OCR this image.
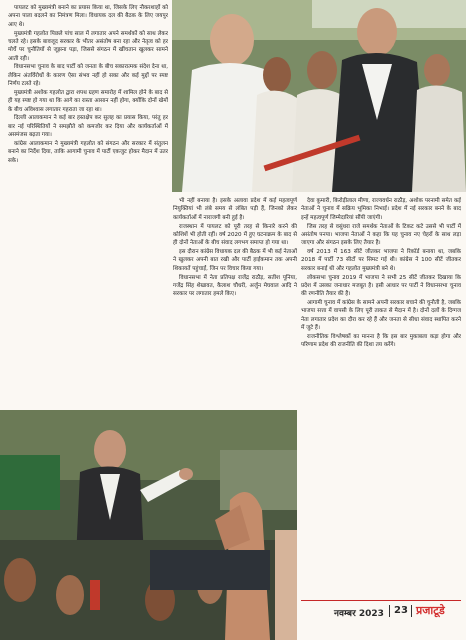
पायलट को मुख्यमंत्री बनाने का प्रयास किया था, जिसके लिए नौकरशाहों को अपना पाला बदलने का निमंत्रण मिला। विधायक दल की बैठक के लिए जयपुर आए थे।

मुख्यमंत्री गहलोत पिछले पांच साल में लगातार अपने समर्थकों को साथ लेकर चलते रहे। इसके बावजूद सरकार के भीतर असंतोष बना रहा और नेतृत्व को हर मोर्चे पर चुनौतियों से जूझना पड़ा, जिससे संगठन में खींचतान खुलकर सामने आती रही।

विधानसभा चुनाव के बाद पार्टी को जनता के बीच सकारात्मक संदेश देना था, लेकिन अंतर्विरोधों के कारण ऐसा संभव नहीं हो सका और कई मुद्दों पर स्पष्ट निर्णय टलते रहे।

मुख्यमंत्री अशोक गहलोत द्वारा शपथ ग्रहण समारोह में शामिल होने के बाद से ही यह स्पष्ट हो गया था कि आगे का रास्ता आसान नहीं होगा, क्योंकि दोनों खेमों के बीच अविश्वास लगातार गहराता जा रहा था।

दिल्ली आलाकमान ने कई बार हस्तक्षेप कर सुलह का प्रयास किया, परंतु हर बार नई परिस्थितियों ने समझौते को कमजोर कर दिया और कार्यकर्ताओं में असमंजस बढ़ता गया।

कांग्रेस आलाकमान ने मुख्यमंत्री गहलोत को संगठन और सरकार में संतुलन बनाने का निर्देश दिया, ताकि आगामी चुनाव में पार्टी एकजुट होकर मैदान में उतर सके।

भी नहीं बनाया है। इसके अलावा प्रदेश में कई महत्वपूर्ण नियुक्तियां भी लंबे समय से लंबित पड़ी हैं, जिनको लेकर कार्यकर्ताओं में नाराजगी बनी हुई है।

राजस्थान में पायलट को पूरी तरह से किनारे करने की कोशिशें भी होती रहीं। वर्ष 2020 में हुए घटनाक्रम के बाद से ही दोनों नेताओं के बीच संवाद लगभग समाप्त हो गया था।

इस दौरान कांग्रेस विधायक दल की बैठक में भी कई नेताओं ने खुलकर अपनी बात रखी और पार्टी हाईकमान तक अपनी शिकायतें पहुंचाईं, जिन पर विचार किया गया।

विधानसभा में नेता प्रतिपक्ष राजेंद्र राठौड़, सतीश पूनिया, गजेंद्र सिंह शेखावत, कैलाश चौधरी, अर्जुन मेघवाल आदि ने सरकार पर लगातार हमले किए।

देवा कुमारी, किरोड़ीलाल मीणा, राज्यवर्धन राठौड़, अशोक परनामी समेत कई नेताओं ने चुनाव में सक्रिय भूमिका निभाई। प्रदेश में नई सरकार बनने के बाद इन्हें महत्वपूर्ण जिम्मेदारियां सौंपी जाएंगी।

जिस तरह से वसुंधरा राजे समर्थक नेताओं के टिकट कटे उससे भी पार्टी में असंतोष पनपा। भाजपा नेताओं ने कहा कि यह चुनाव नए चेहरों के साथ लड़ा जाएगा और संगठन इसके लिए तैयार है।

वर्ष 2013 में 163 सीटें जीतकर भाजपा ने रिकॉर्ड बनाया था, जबकि 2018 में पार्टी 73 सीटों पर सिमट गई थी। कांग्रेस ने 100 सीटें जीतकर सरकार बनाई थी और गहलोत मुख्यमंत्री बने थे।

लोकसभा चुनाव 2019 में भाजपा ने सभी 25 सीटें जीतकर दिखाया कि प्रदेश में उसका जनाधार मजबूत है। इसी आधार पर पार्टी ने विधानसभा चुनाव की रणनीति तैयार की है।

आगामी चुनाव में कांग्रेस के सामने अपनी सरकार बचाने की चुनौती है, जबकि भाजपा सत्ता में वापसी के लिए पूरी ताकत से मैदान में है। दोनों दलों के दिग्गज नेता लगातार प्रदेश का दौरा कर रहे हैं और जनता से सीधा संवाद स्थापित करने में जुटे हैं।

राजनीतिक विश्लेषकों का मानना है कि इस बार मुकाबला कड़ा होगा और परिणाम प्रदेश की राजनीति की दिशा तय करेंगे।

नवम्बर 2023 23 प्रजाटूडे
